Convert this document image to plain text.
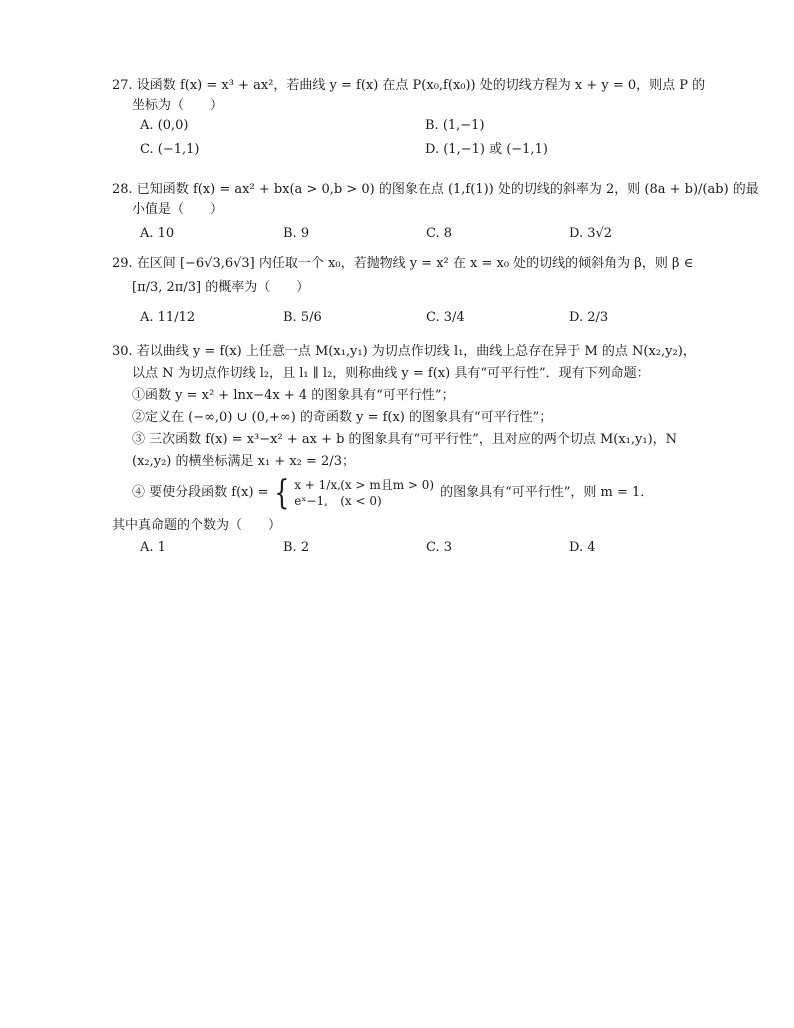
27. 设函数 f(x) = x³ + ax²，若曲线 y = f(x) 在点 P(x₀,f(x₀)) 处的切线方程为 x + y = 0，则点 P 的
坐标为（　　）
A. (0,0)	B. (1,−1)
C. (−1,1)	D. (1,−1) 或 (−1,1)
28. 已知函数 f(x) = ax² + bx(a > 0,b > 0) 的图象在点 (1,f(1)) 处的切线的斜率为 2，则 (8a + b)/(ab) 的最
小值是（　　）
A. 10	B. 9	C. 8	D. 3√2
29. 在区间 [−6√3,6√3] 内任取一个 x₀，若抛物线 y = x² 在 x = x₀ 处的切线的倾斜角为 β，则 β ∈
[π/3, 2π/3] 的概率为（　　）
A. 11/12	B. 5/6	C. 3/4	D. 2/3
30. 若以曲线 y = f(x) 上任意一点 M(x₁,y₁) 为切点作切线 l₁，曲线上总存在异于 M 的点 N(x₂,y₂)，
以点 N 为切点作切线 l₂，且 l₁ ∥ l₂，则称曲线 y = f(x) 具有“可平行性”．现有下列命题：
①函数 y = x² + lnx−4x + 4 的图象具有“可平行性”；
②定义在 (−∞,0) ∪ (0,+∞) 的奇函数 y = f(x) 的图象具有“可平行性”；
③ 三次函数 f(x) = x³−x² + ax + b 的图象具有“可平行性”，且对应的两个切点 M(x₁,y₁)，N
(x₂,y₂) 的横坐标满足 x₁ + x₂ = 2/3；
④ 要使分段函数 f(x) = { x + 1/x, (x > m且m > 0)
eˣ−1,	(x < 0)
的图象具有“可平行性”，则 m = 1．
其中真命题的个数为（　　）
A. 1	B. 2	C. 3	D. 4
